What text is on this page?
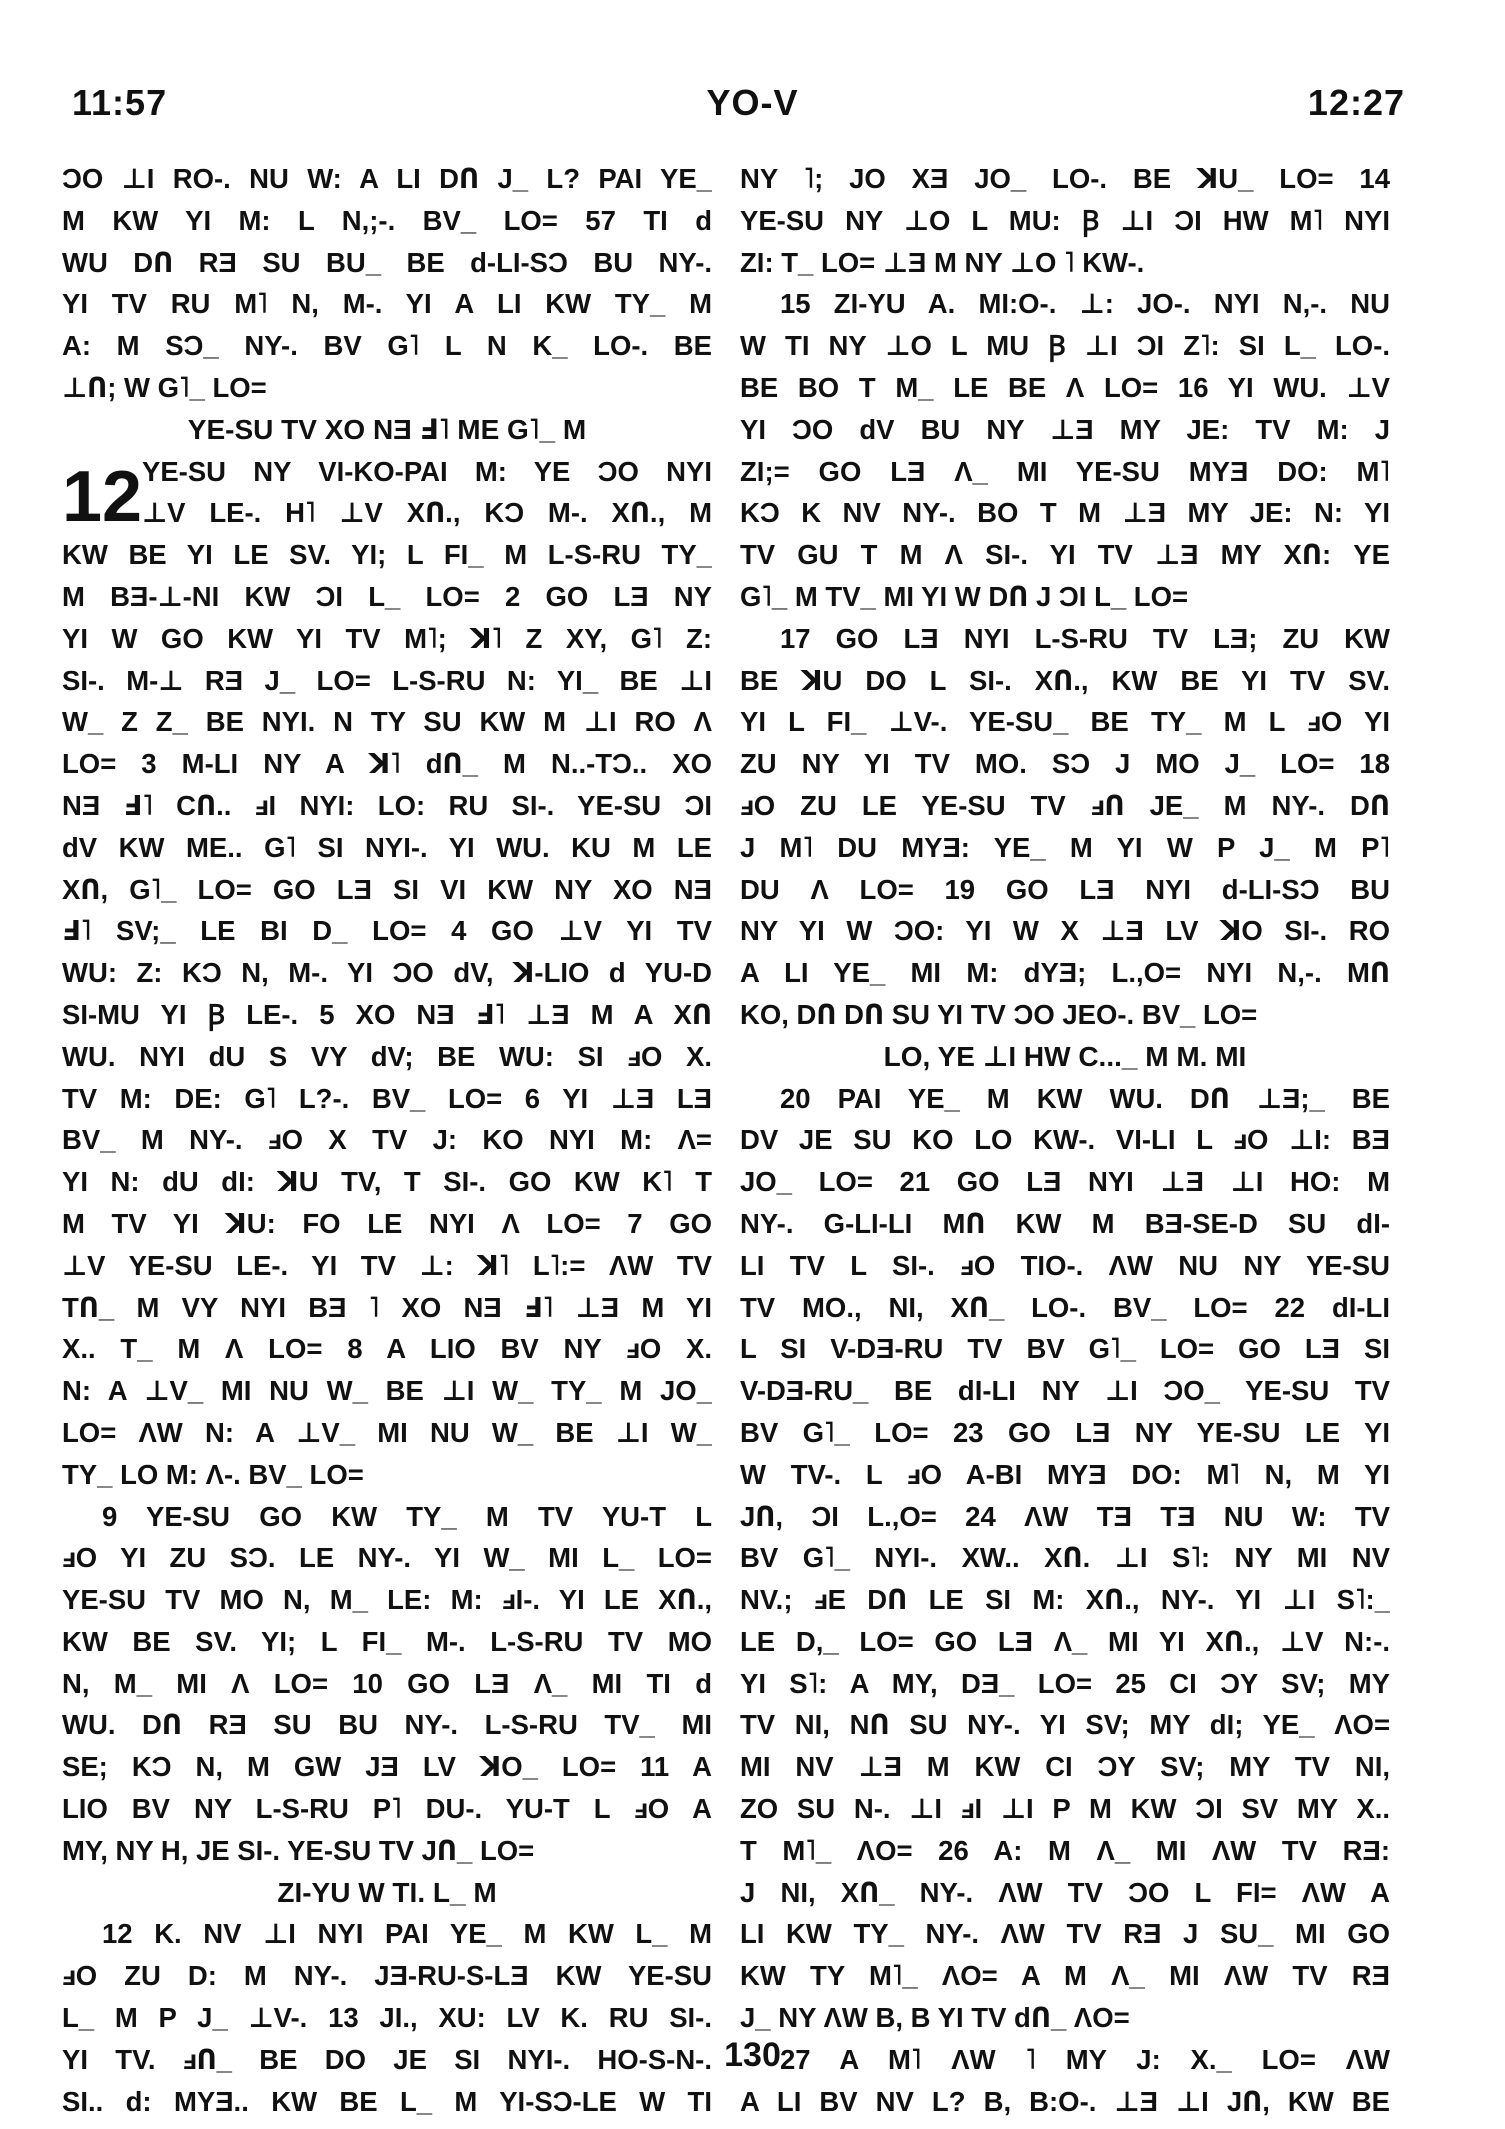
11:57	YO-V	12:27
ƆO ⊥I RO-. NU W: A LI DՈ J_ L? PAI YE_
M KW YI M: L N,;-. BV_ LO= 57 TI d
WU DՈ RƎ SU BU_ BE d-LI-SƆ BU NY-.
YI TV RU M˥ N, M-. YI A LI KW TY_ M
A: M SƆ_ NY-. BV G˥ L N K_ LO-. BE
⊥Ո; W G˥_ LO=
YE-SU TV XO NƎ Ⅎ˥ ME G˥_ M
12 YE-SU NY VI-KO-PAI M: YE ƆO NYI
⊥V LE-. H˥ ⊥V XՈ., KƆ M-. XՈ., M
KW BE YI LE SV. YI; L FI_ M L-S-RU TY_
M BƎ-⊥-NI KW ƆI L_ LO= 2 GO LƎ NY
YI W GO KW YI TV M˥; ꓘ˥ Z XY, G˥ Z:
SI-. M-⊥ RƎ J_ LO= L-S-RU N: YI_ BE ⊥I
W_ Z Z_ BE NYI. N TY SU KW M ⊥I RO Λ
LO= 3 M-LI NY A ꓘ˥ dՈ_ M N..-TƆ.. XO
NƎ Ⅎ˥ CՈ.. ⅎI NYI: LO: RU SI-. YE-SU ƆI
dV KW ME.. G˥ SI NYI-. YI WU. KU M LE
XՈ, G˥_ LO= GO LƎ SI VI KW NY XO NƎ
Ⅎ˥ SV;_ LE BI D_ LO= 4 GO ⊥V YI TV
WU: Z: KƆ N, M-. YI ƆO dV, ꓘ-LIO d YU-D
SI-MU YI Ꞵ LE-. 5 XO NƎ Ⅎ˥ ⊥Ǝ M A XՈ
WU. NYI dU S VY dV; BE WU: SI ⅎO X.
TV M: DE: G˥ L?-. BV_ LO= 6 YI ⊥Ǝ LƎ
BV_ M NY-. ⅎO X TV J: KO NYI M: Λ=
YI N: dU dI: ꓘU TV, T SI-. GO KW K˥ T
M TV YI ꓘU: FO LE NYI Λ LO= 7 GO
⊥V YE-SU LE-. YI TV ⊥: ꓘ˥ L˥:= ΛW TV
TՈ_ M VY NYI BƎ ˥ XO NƎ Ⅎ˥ ⊥Ǝ M YI
X.. T_ M Λ LO= 8 A LIO BV NY ⅎO X.
N: A ⊥V_ MI NU W_ BE ⊥I W_ TY_ M JO_
LO= ΛW N: A ⊥V_ MI NU W_ BE ⊥I W_
TY_ LO M: Λ-. BV_ LO=
9 YE-SU GO KW TY_ M TV YU-T L
ⅎO YI ZU SƆ. LE NY-. YI W_ MI L_ LO=
YE-SU TV MO N, M_ LE: M: ⅎI-. YI LE XՈ.,
KW BE SV. YI; L FI_ M-. L-S-RU TV MO
N, M_ MI Λ LO= 10 GO LƎ Λ_ MI TI d
WU. DՈ RƎ SU BU NY-. L-S-RU TV_ MI
SE; KƆ N, M GW JƎ LV ꓘO_ LO= 11 A
LIO BV NY L-S-RU P˥ DU-. YU-T L ⅎO A
MY, NY H, JE SI-. YE-SU TV JՈ_ LO=
ZI-YU W TI. L_ M
12 K. NV ⊥I NYI PAI YE_ M KW L_ M
ⅎO ZU D: M NY-. JƎ-RU-S-LƎ KW YE-SU
L_ M P J_ ⊥V-. 13 JI., XU: LV K. RU SI-.
YI TV. ⅎՈ_ BE DO JE SI NYI-. HO-S-N-.
SI.. d: MYƎ.. KW BE L_ M YI-SƆ-LE W TI
NY ˥; JO XƎ JO_ LO-. BE ꓘU_ LO= 14
YE-SU NY ⊥O L MU: Ꞵ ⊥I ƆI HW M˥ NYI
ZI: T_ LO= ⊥Ǝ M NY ⊥O ˥ KW-.
15 ZI-YU A. MI:O-. ⊥: JO-. NYI N,-. NU
W TI NY ⊥O L MU Ꞵ ⊥I ƆI Z˥: SI L_ LO-.
BE BO T M_ LE BE Λ LO= 16 YI WU. ⊥V
YI ƆO dV BU NY ⊥Ǝ MY JE: TV M: J
ZI;= GO LƎ Λ_ MI YE-SU MYƎ DO: M˥
KƆ K NV NY-. BO T M ⊥Ǝ MY JE: N: YI
TV GU T M Λ SI-. YI TV ⊥Ǝ MY XՈ: YE
G˥_ M TV_ MI YI W DՈ J ƆI L_ LO=
17 GO LƎ NYI L-S-RU TV LƎ; ZU KW
BE ꓘU DO L SI-. XՈ., KW BE YI TV SV.
YI L FI_ ⊥V-. YE-SU_ BE TY_ M L ⅎO YI
ZU NY YI TV MO. SƆ J MO J_ LO= 18
ⅎO ZU LE YE-SU TV ⅎՈ JE_ M NY-. DՈ
J M˥ DU MYƎ: YE_ M YI W P J_ M P˥
DU Λ LO= 19 GO LƎ NYI d-LI-SƆ BU
NY YI W ƆO: YI W X ⊥Ǝ LV ꓘO SI-. RO
A LI YE_ MI M: dYƎ; L.,O= NYI N,-. MՈ
KO, DՈ DՈ SU YI TV ƆO JEO-. BV_ LO=
LO, YE ⊥I HW C..._ M M. MI
20 PAI YE_ M KW WU. DՈ ⊥Ǝ;_ BE
DV JE SU KO LO KW-. VI-LI L ⅎO ⊥I: BƎ
JO_ LO= 21 GO LƎ NYI ⊥Ǝ ⊥I HO: M
NY-. G-LI-LI MՈ KW M BƎ-SE-D SU dI-
LI TV L SI-. ⅎO TIO-. ΛW NU NY YE-SU
TV MO., NI, XՈ_ LO-. BV_ LO= 22 dI-LI
L SI V-DƎ-RU TV BV G˥_ LO= GO LƎ SI
V-DƎ-RU_ BE dI-LI NY ⊥I ƆO_ YE-SU TV
BV G˥_ LO= 23 GO LƎ NY YE-SU LE YI
W TV-. L ⅎO A-BI MYƎ DO: M˥ N, M YI
JՈ, ƆI L.,O= 24 ΛW TƎ TƎ NU W: TV
BV G˥_ NYI-. XW.. XՈ. ⊥I S˥: NY MI NV
NV.; ⅎE DՈ LE SI M: XՈ., NY-. YI ⊥I S˥:_
LE D,_ LO= GO LƎ Λ_ MI YI XՈ., ⊥V N:-.
YI S˥: A MY, DƎ_ LO= 25 CI ƆY SV; MY
TV NI, NՈ SU NY-. YI SV; MY dI; YE_ ΛO=
MI NV ⊥Ǝ M KW CI ƆY SV; MY TV NI,
ZO SU N-. ⊥I ⅎI ⊥I P M KW ƆI SV MY X..
T M˥_ ΛO= 26 A: M Λ_ MI ΛW TV RƎ:
J NI, XՈ_ NY-. ΛW TV ƆO L FI= ΛW A
LI KW TY_ NY-. ΛW TV RƎ J SU_ MI GO
KW TY M˥_ ΛO= A M Λ_ MI ΛW TV RƎ
J_ NY ΛW B, B YI TV dՈ_ ΛO=
27 A M˥ ΛW ˥ MY J: X._ LO= ΛW
A LI BV NV L? B, B:O-. ⊥Ǝ ⊥I JՈ, KW BE
130
